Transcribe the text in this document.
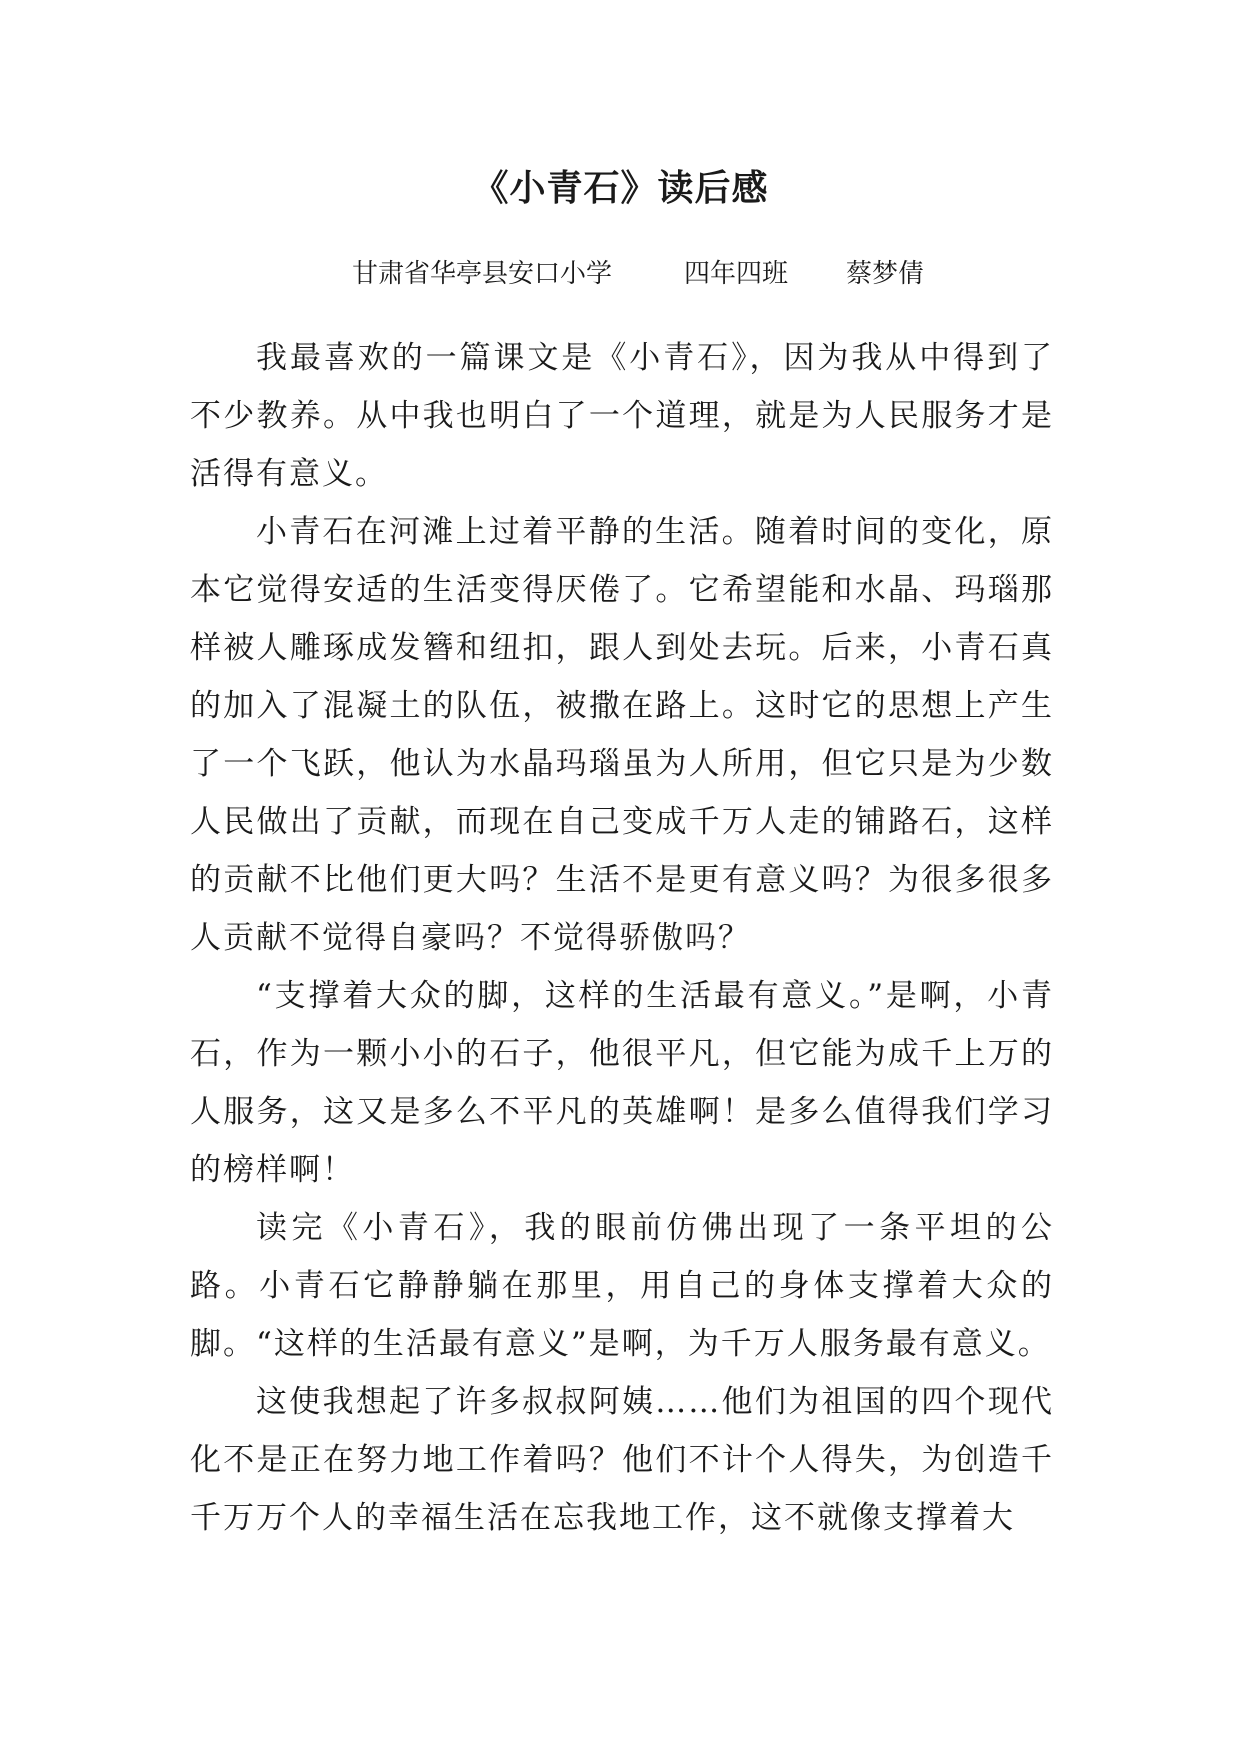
《小青石》读后感
甘肃省华亭县安口小学	四年四班 蔡梦倩

我最喜欢的一篇课文是《小青石》，因为我从中得到了不少教养。从中我也明白了一个道理，就是为人民服务才是活得有意义。

小青石在河滩上过着平静的生活。随着时间的变化，原本它觉得安适的生活变得厌倦了。它希望能和水晶、玛瑙那样被人雕琢成发簪和纽扣，跟人到处去玩。后来，小青石真的加入了混凝土的队伍，被撒在路上。这时它的思想上产生了一个飞跃，他认为水晶玛瑙虽为人所用，但它只是为少数人民做出了贡献，而现在自己变成千万人走的铺路石，这样的贡献不比他们更大吗？生活不是更有意义吗？为很多很多人贡献不觉得自豪吗？不觉得骄傲吗？

“支撑着大众的脚，这样的生活最有意义。”是啊，小青石，作为一颗小小的石子，他很平凡，但它能为成千上万的人服务，这又是多么不平凡的英雄啊！是多么值得我们学习的榜样啊！

读完《小青石》，我的眼前仿佛出现了一条平坦的公路。小青石它静静躺在那里，用自己的身体支撑着大众的脚。“这样的生活最有意义”是啊，为千万人服务最有意义。

这使我想起了许多叔叔阿姨……他们为祖国的四个现代化不是正在努力地工作着吗？他们不计个人得失，为创造千千万万个人的幸福生活在忘我地工作，这不就像支撑着大
